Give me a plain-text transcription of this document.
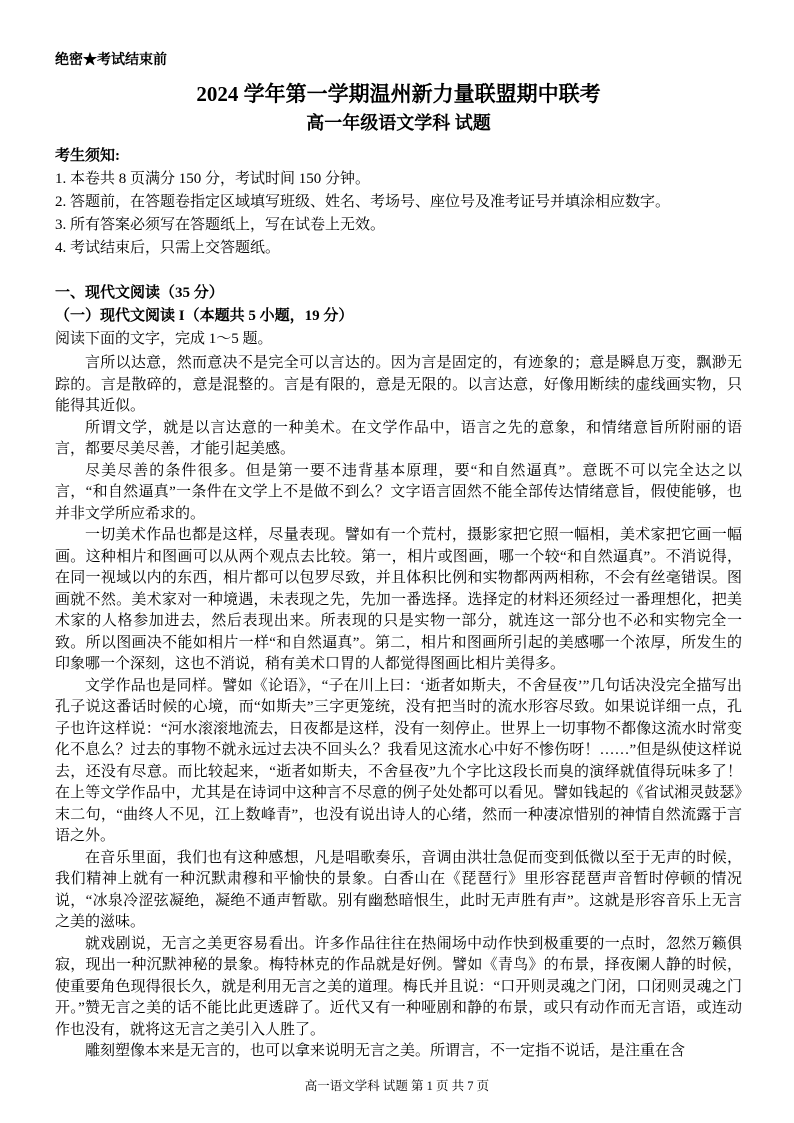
绝密★考试结束前
2024 学年第一学期温州新力量联盟期中联考
高一年级语文学科 试题
考生须知:
1. 本卷共 8 页满分 150 分，考试时间 150 分钟。
2. 答题前，在答题卷指定区域填写班级、姓名、考场号、座位号及准考证号并填涂相应数字。
3. 所有答案必须写在答题纸上，写在试卷上无效。
4. 考试结束后，只需上交答题纸。
一、现代文阅读（35 分）
（一）现代文阅读 I（本题共 5 小题，19 分）
阅读下面的文字，完成 1～5 题。

言所以达意，然而意决不是完全可以言达的。因为言是固定的，有迹象的；意是瞬息万变，飘渺无踪的。言是散碎的，意是混整的。言是有限的，意是无限的。以言达意，好像用断续的虚线画实物，只能得其近似。

所谓文学，就是以言达意的一种美术。在文学作品中，语言之先的意象，和情绪意旨所附丽的语言，都要尽美尽善，才能引起美感。

尽美尽善的条件很多。但是第一要不违背基本原理，要“和自然逼真”。意既不可以完全达之以言，“和自然逼真”一条件在文学上不是做不到么？文字语言固然不能全部传达情绪意旨，假使能够，也并非文学所应希求的。

一切美术作品也都是这样，尽量表现。譬如有一个荒村，摄影家把它照一幅相，美术家把它画一幅画。这种相片和图画可以从两个观点去比较。第一，相片或图画，哪一个较“和自然逼真”。不消说得，在同一视域以内的东西，相片都可以包罗尽致，并且体积比例和实物都两两相称，不会有丝毫错误。图画就不然。美术家对一种境遇，未表现之先，先加一番选择。选择定的材料还须经过一番理想化，把美术家的人格参加进去，然后表现出来。所表现的只是实物一部分，就连这一部分也不必和实物完全一致。所以图画决不能如相片一样“和自然逼真”。第二，相片和图画所引起的美感哪一个浓厚，所发生的印象哪一个深刻，这也不消说，稍有美术口胃的人都觉得图画比相片美得多。

文学作品也是同样。譬如《论语》，“子在川上曰：‘逝者如斯夫，不舍昼夜’”几句话决没完全描写出孔子说这番话时候的心境，而“如斯夫”三字更笼统，没有把当时的流水形容尽致。如果说详细一点，孔子也许这样说：“河水滚滚地流去，日夜都是这样，没有一刻停止。世界上一切事物不都像这流水时常变化不息么？过去的事物不就永远过去决不回头么？我看见这流水心中好不惨伤呀！……”但是纵使这样说去，还没有尽意。而比较起来，“逝者如斯夫，不舍昼夜”九个字比这段长而臭的演绎就值得玩味多了！在上等文学作品中，尤其是在诗词中这种言不尽意的例子处处都可以看见。譬如钱起的《省试湘灵鼓瑟》末二句，“曲终人不见，江上数峰青”，也没有说出诗人的心绪，然而一种凄凉惜别的神情自然流露于言语之外。

在音乐里面，我们也有这种感想，凡是唱歌奏乐，音调由洪壮急促而变到低微以至于无声的时候，我们精神上就有一种沉默肃穆和平愉快的景象。白香山在《琵琶行》里形容琵琶声音暂时停顿的情况说，“冰泉冷涩弦凝绝，凝绝不通声暂歇。别有幽愁暗恨生，此时无声胜有声”。这就是形容音乐上无言之美的滋味。

就戏剧说，无言之美更容易看出。许多作品往往在热闹场中动作快到极重要的一点时，忽然万籁俱寂，现出一种沉默神秘的景象。梅特林克的作品就是好例。譬如《青鸟》的布景，择夜阑人静的时候，使重要角色现得很长久，就是利用无言之美的道理。梅氏并且说：“口开则灵魂之门闭，口闭则灵魂之门开。”赞无言之美的话不能比此更透辟了。近代又有一种哑剧和静的布景，或只有动作而无言语，或连动作也没有，就将这无言之美引入人胜了。

雕刻塑像本来是无言的，也可以拿来说明无言之美。所谓言，不一定指不说话，是注重在含

高一语文学科 试题 第 1 页 共 7 页
